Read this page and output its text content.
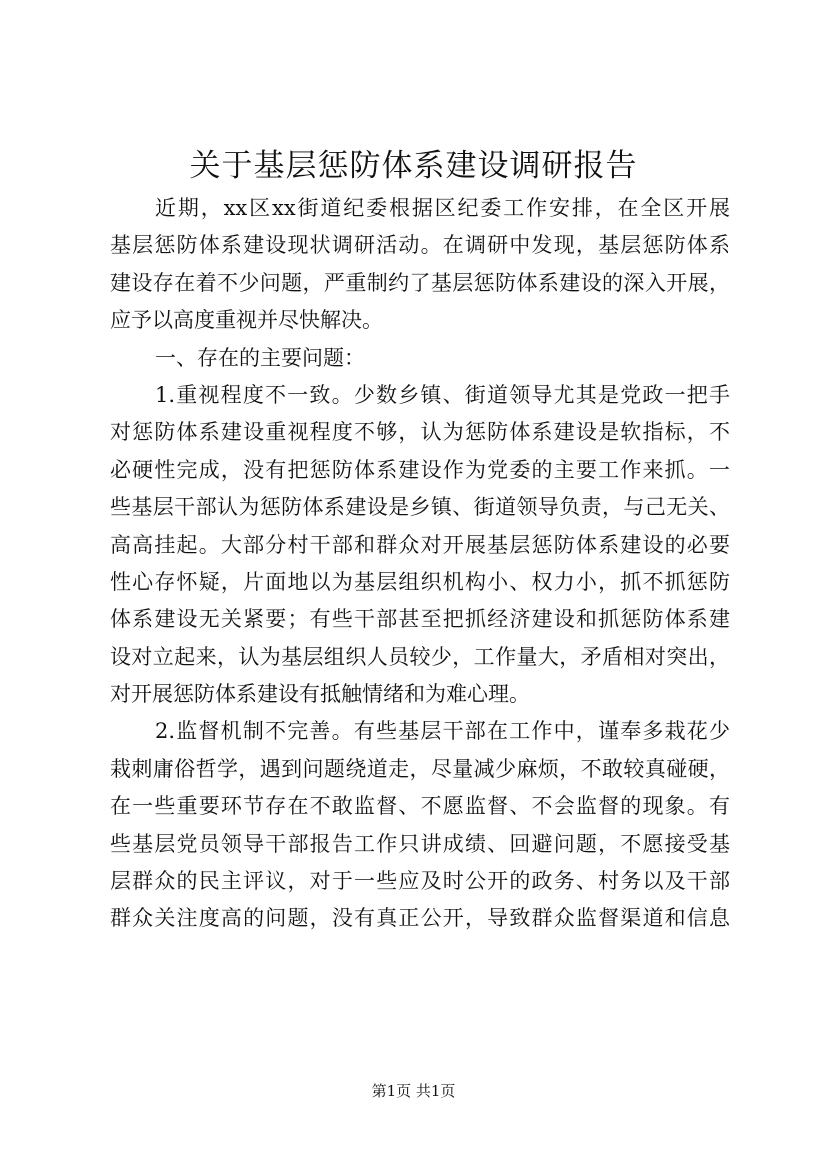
关于基层惩防体系建设调研报告
近期，xx区xx街道纪委根据区纪委工作安排，在全区开展
基层惩防体系建设现状调研活动。在调研中发现，基层惩防体系
建设存在着不少问题，严重制约了基层惩防体系建设的深入开展，
应予以高度重视并尽快解决。
一、存在的主要问题：
1.重视程度不一致。少数乡镇、街道领导尤其是党政一把手
对惩防体系建设重视程度不够，认为惩防体系建设是软指标，不
必硬性完成，没有把惩防体系建设作为党委的主要工作来抓。一
些基层干部认为惩防体系建设是乡镇、街道领导负责，与己无关、
高高挂起。大部分村干部和群众对开展基层惩防体系建设的必要
性心存怀疑，片面地以为基层组织机构小、权力小，抓不抓惩防
体系建设无关紧要；有些干部甚至把抓经济建设和抓惩防体系建
设对立起来，认为基层组织人员较少，工作量大，矛盾相对突出，
对开展惩防体系建设有抵触情绪和为难心理。
2.监督机制不完善。有些基层干部在工作中，谨奉多栽花少
栽刺庸俗哲学，遇到问题绕道走，尽量减少麻烦，不敢较真碰硬，
在一些重要环节存在不敢监督、不愿监督、不会监督的现象。有
些基层党员领导干部报告工作只讲成绩、回避问题，不愿接受基
层群众的民主评议，对于一些应及时公开的政务、村务以及干部
群众关注度高的问题，没有真正公开，导致群众监督渠道和信息
第1页 共1页
